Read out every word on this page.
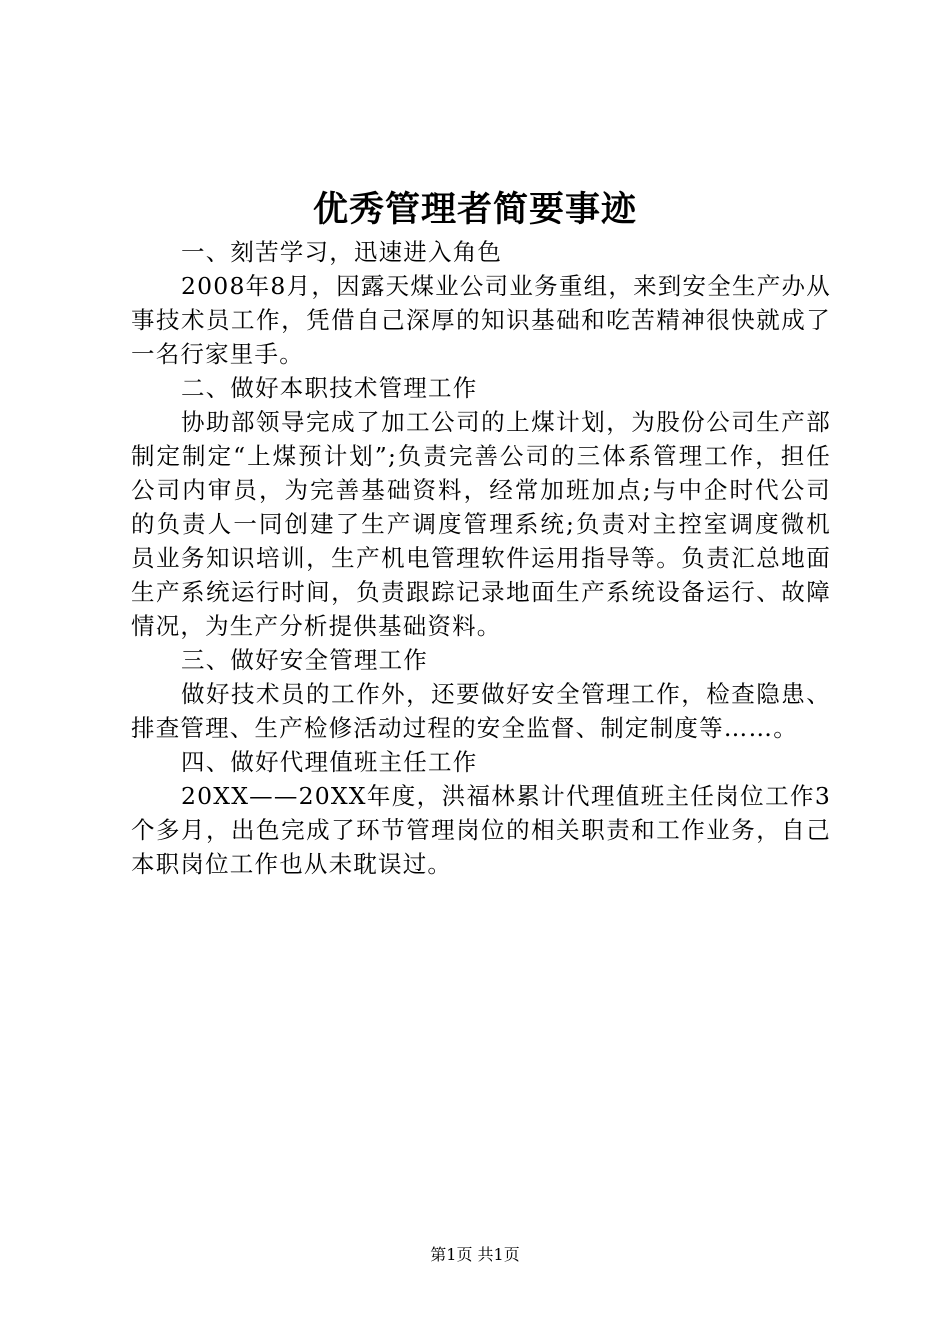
优秀管理者简要事迹

一、刻苦学习，迅速进入角色

2008年8月，因露天煤业公司业务重组，来到安全生产办从事技术员工作，凭借自己深厚的知识基础和吃苦精神很快就成了一名行家里手。

二、做好本职技术管理工作

协助部领导完成了加工公司的上煤计划，为股份公司生产部制定制定“上煤预计划”;负责完善公司的三体系管理工作，担任公司内审员，为完善基础资料，经常加班加点;与中企时代公司的负责人一同创建了生产调度管理系统;负责对主控室调度微机员业务知识培训，生产机电管理软件运用指导等。负责汇总地面生产系统运行时间，负责跟踪记录地面生产系统设备运行、故障情况，为生产分析提供基础资料。

三、做好安全管理工作

做好技术员的工作外，还要做好安全管理工作，检查隐患、排查管理、生产检修活动过程的安全监督、制定制度等……。

四、做好代理值班主任工作

20XX——20XX年度，洪福林累计代理值班主任岗位工作3个多月，出色完成了环节管理岗位的相关职责和工作业务，自己本职岗位工作也从未耽误过。

第1页 共1页
